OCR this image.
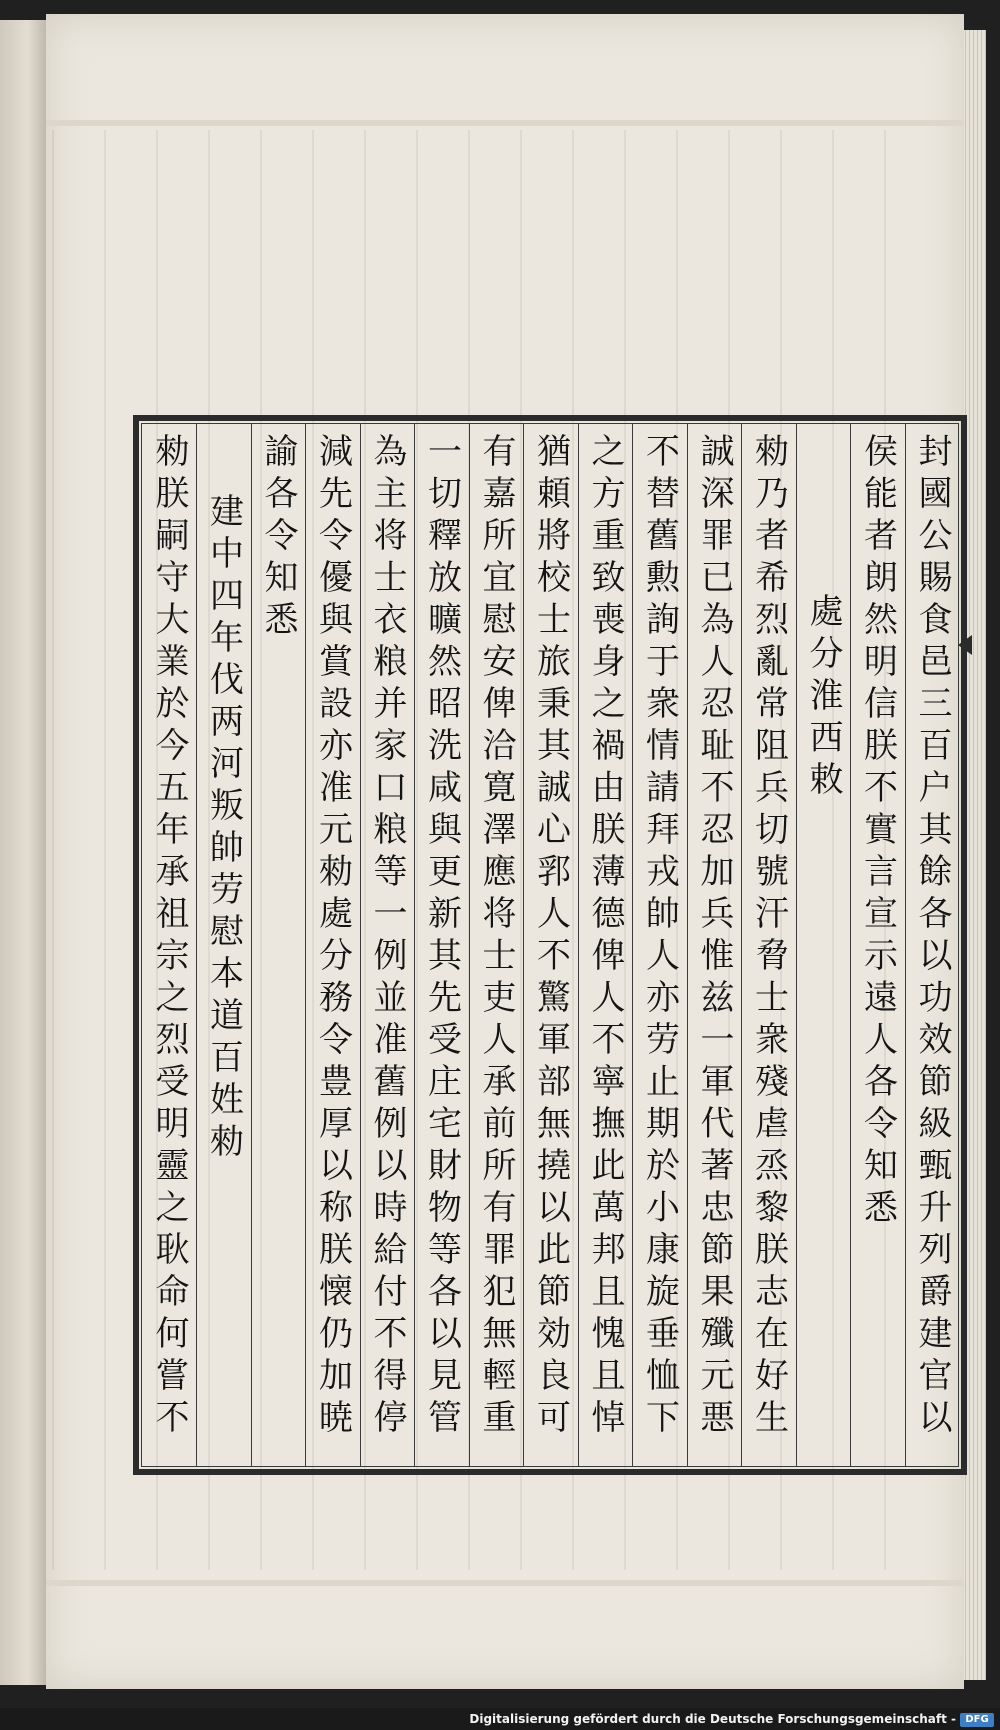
封國公賜食邑三百户其餘各以功效節級甄升列爵建官以
侯能者朗然明信朕不實言宣示遠人各令知悉
處分淮西敕
勑乃者希烈亂常阻兵切號汗脅士衆殘虐烝黎朕志在好生
誠深罪已為人忍耻不忍加兵惟兹一軍代著忠節果殲元悪
不替舊勲詢于衆情請拜戎帥人亦劳止期於小康旋垂恤下
之方重致喪身之禍由朕薄德俾人不寧撫此萬邦且愧且悼
猶頼將校士旅秉其誠心郛人不驚軍部無撓以此節効良可
有嘉所宜慰安俾洽寛澤應将士吏人承前所有罪犯無輕重
一切釋放曠然昭洗咸與更新其先受庄宅財物等各以見管
為主将士衣粮并家口粮等一例並准舊例以時給付不得停
減先令優與賞設亦准元勑處分務令豊厚以称朕懐仍加暁
諭各令知悉
建中四年伐两河叛帥劳慰本道百姓勑
勑朕嗣守大業於今五年承祖宗之烈受明靈之耿命何嘗不
Digitalisierung gefördert durch die Deutsche Forschungsgemeinschaft - DFG
